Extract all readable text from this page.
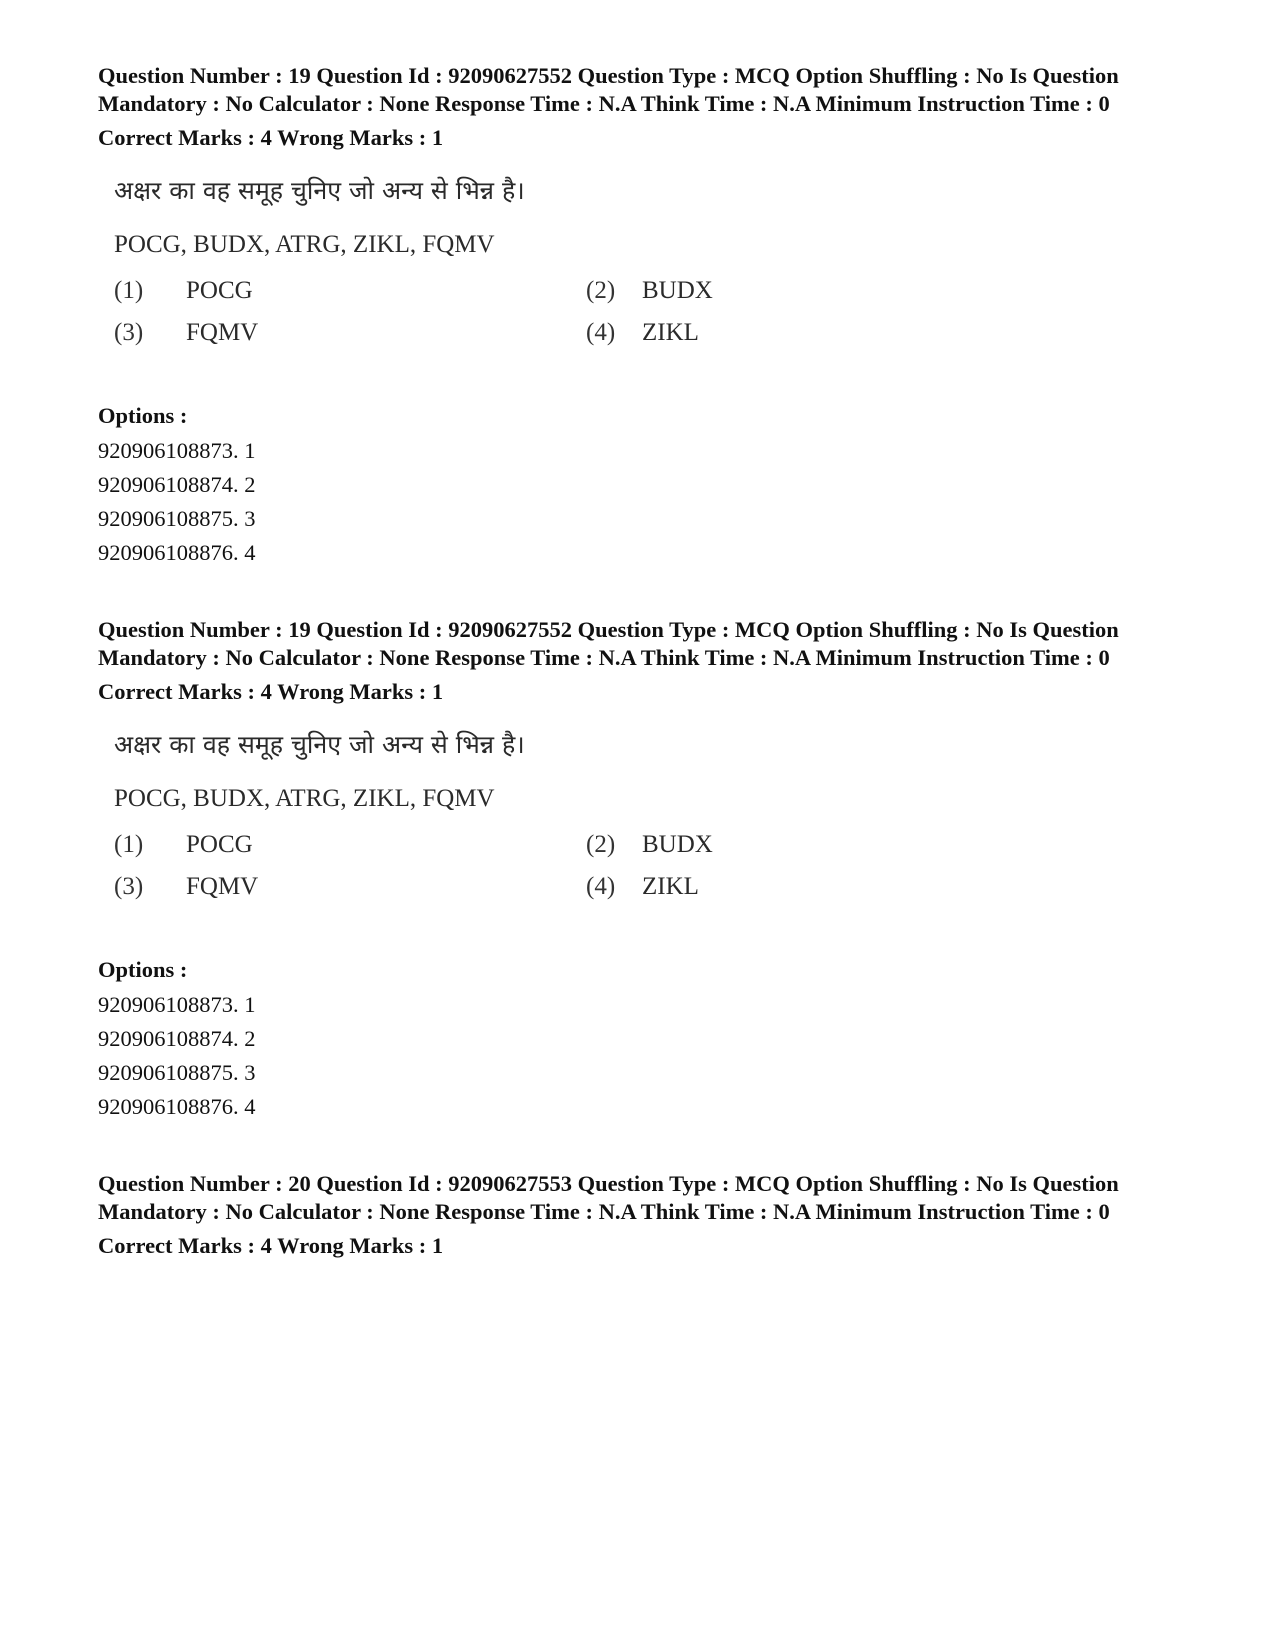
Question Number : 19 Question Id : 92090627552 Question Type : MCQ Option Shuffling : No Is Question Mandatory : No Calculator : None Response Time : N.A Think Time : N.A Minimum Instruction Time : 0
Correct Marks : 4 Wrong Marks : 1
अक्षर का वह समूह चुनिए जो अन्य से भिन्न है।
POCG, BUDX, ATRG, ZIKL, FQMV
(1)	POCG	(2)	BUDX
(3)	FQMV	(4)	ZIKL
Options :
920906108873. 1
920906108874. 2
920906108875. 3
920906108876. 4
Question Number : 19 Question Id : 92090627552 Question Type : MCQ Option Shuffling : No Is Question Mandatory : No Calculator : None Response Time : N.A Think Time : N.A Minimum Instruction Time : 0
Correct Marks : 4 Wrong Marks : 1
अक्षर का वह समूह चुनिए जो अन्य से भिन्न है।
POCG, BUDX, ATRG, ZIKL, FQMV
(1)	POCG	(2)	BUDX
(3)	FQMV	(4)	ZIKL
Options :
920906108873. 1
920906108874. 2
920906108875. 3
920906108876. 4
Question Number : 20 Question Id : 92090627553 Question Type : MCQ Option Shuffling : No Is Question Mandatory : No Calculator : None Response Time : N.A Think Time : N.A Minimum Instruction Time : 0
Correct Marks : 4 Wrong Marks : 1
